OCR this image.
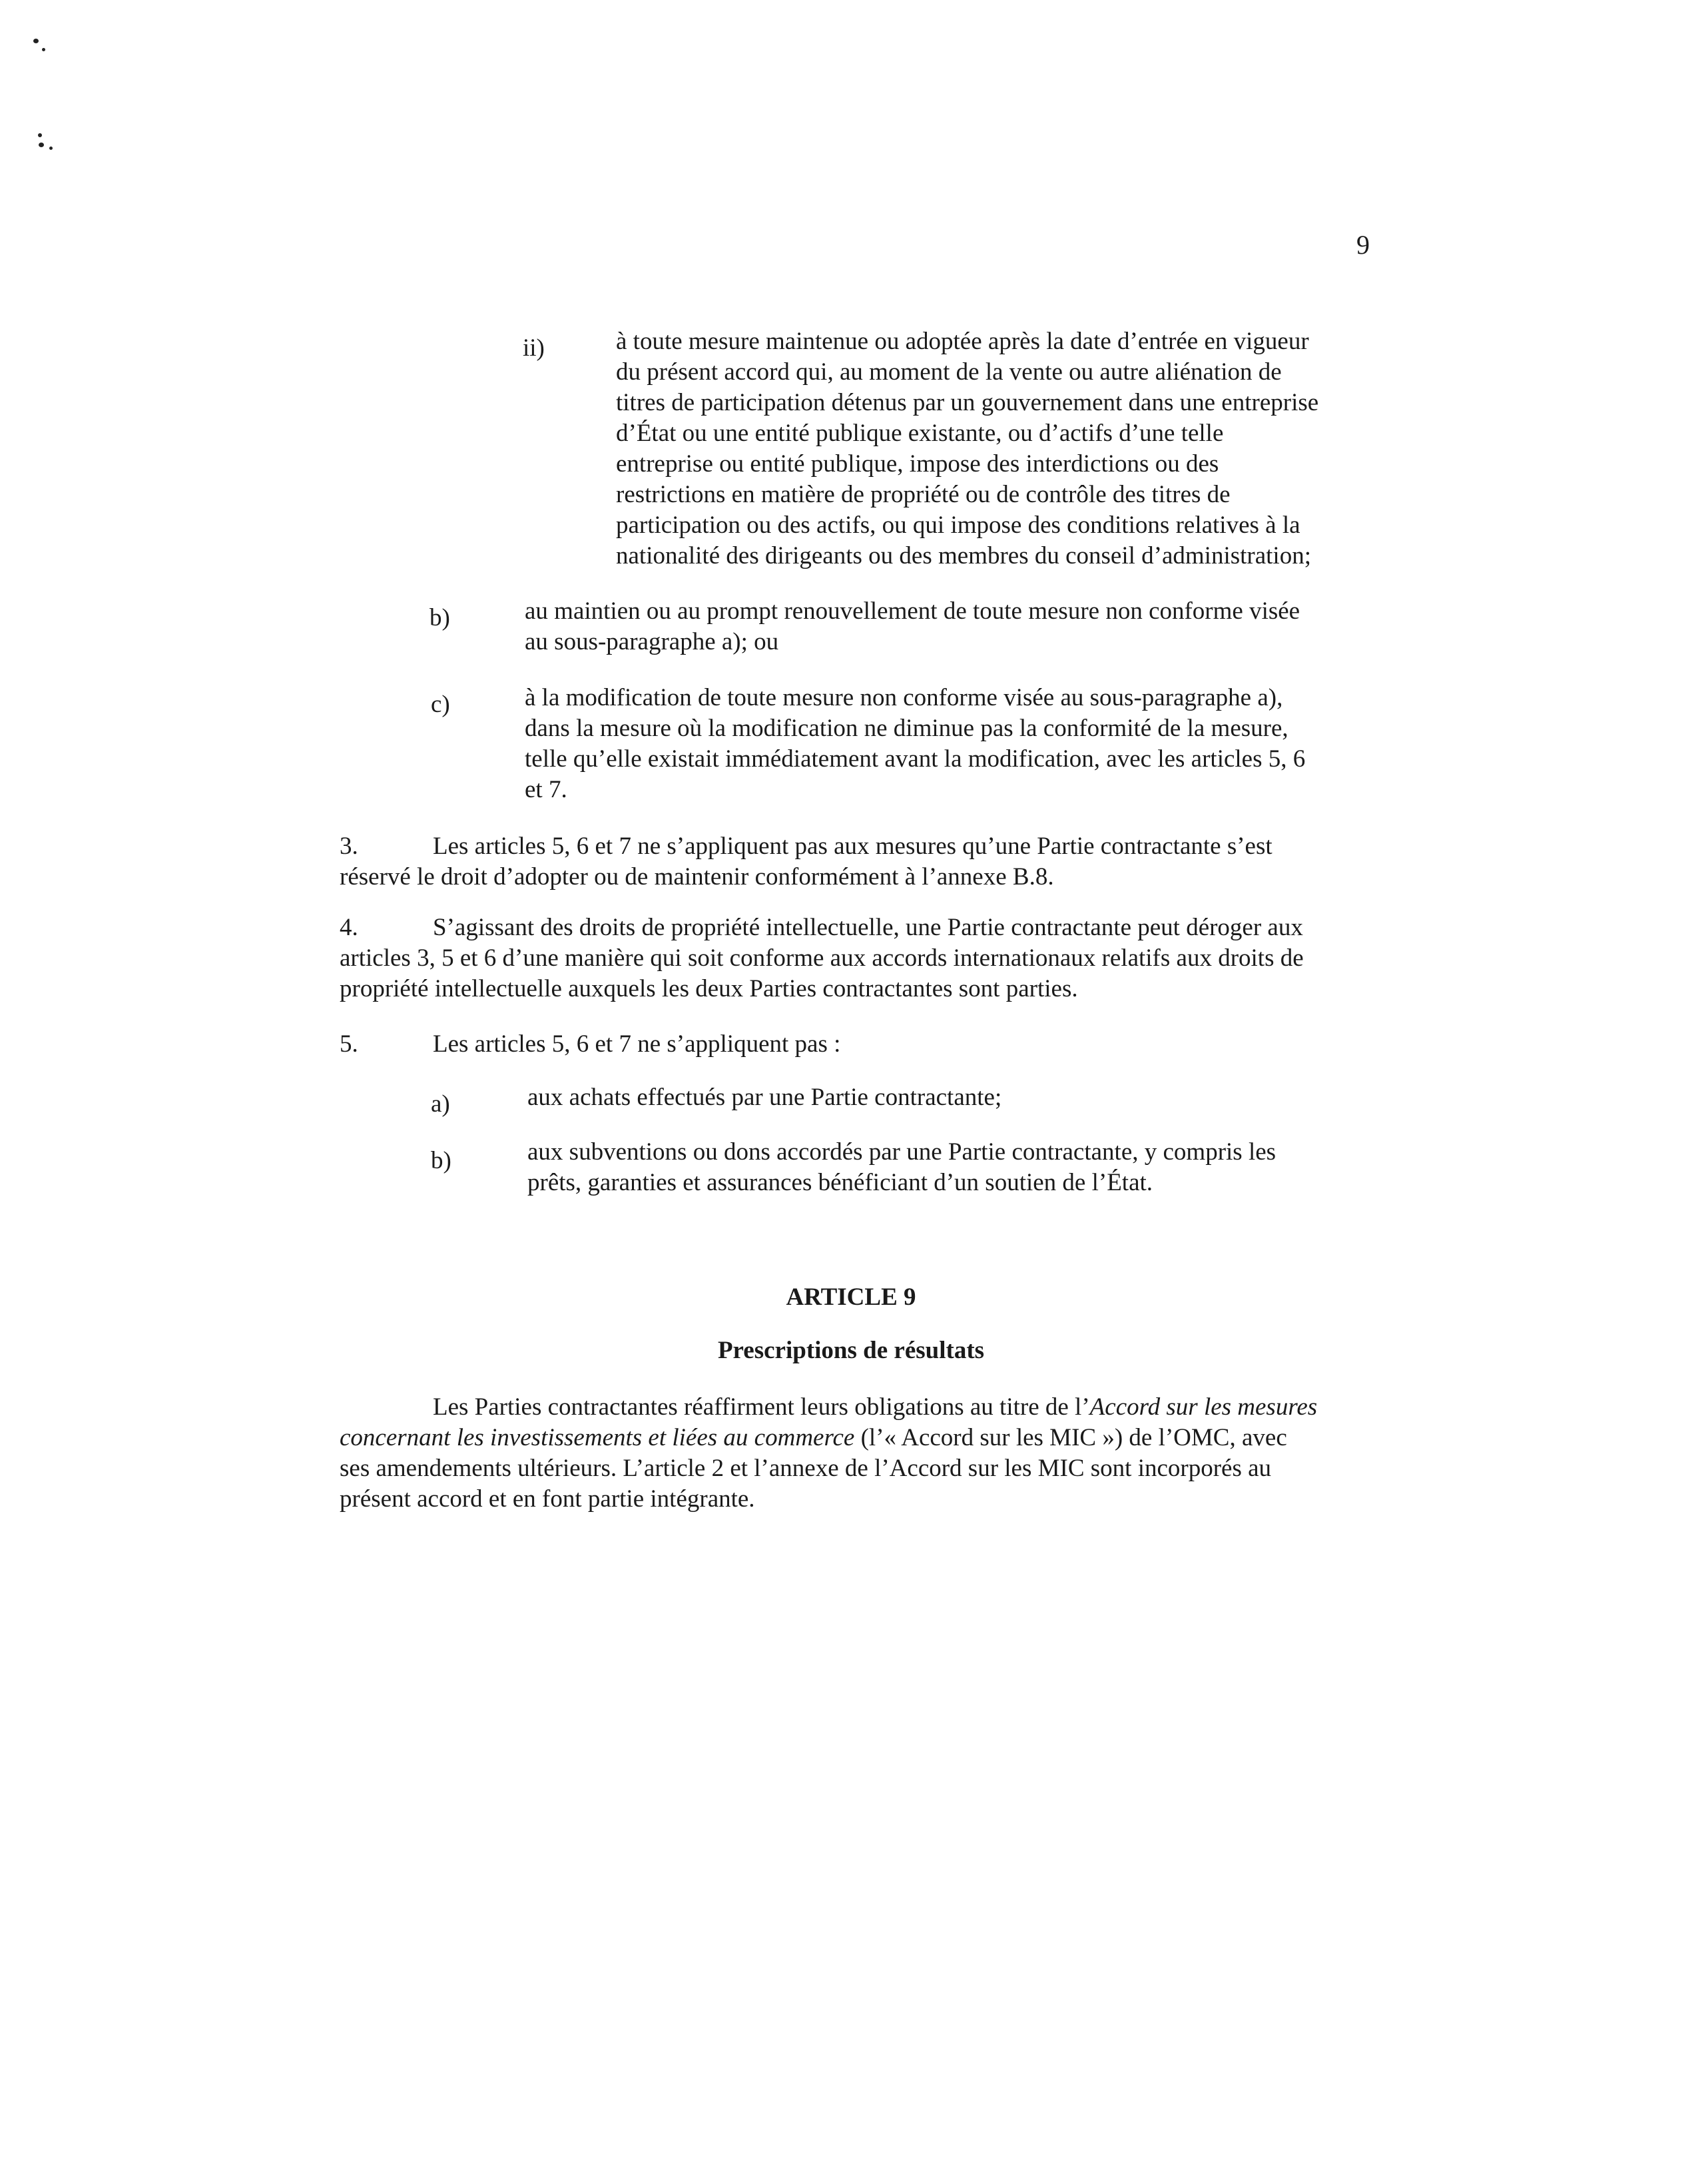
9
ii)	à toute mesure maintenue ou adoptée après la date d’entrée en vigueur
du présent accord qui, au moment de la vente ou autre aliénation de
titres de participation détenus par un gouvernement dans une entreprise
d’État ou une entité publique existante, ou d’actifs d’une telle
entreprise ou entité publique, impose des interdictions ou des
restrictions en matière de propriété ou de contrôle des titres de
participation ou des actifs, ou qui impose des conditions relatives à la
nationalité des dirigeants ou des membres du conseil d’administration;
b)	au maintien ou au prompt renouvellement de toute mesure non conforme visée
au sous-paragraphe a); ou
c)	à la modification de toute mesure non conforme visée au sous-paragraphe a),
dans la mesure où la modification ne diminue pas la conformité de la mesure,
telle qu’elle existait immédiatement avant la modification, avec les articles 5, 6
et 7.
3.	Les articles 5, 6 et 7 ne s’appliquent pas aux mesures qu’une Partie contractante s’est
réservé le droit d’adopter ou de maintenir conformément à l’annexe B.8.
4.	S’agissant des droits de propriété intellectuelle, une Partie contractante peut déroger aux
articles 3, 5 et 6 d’une manière qui soit conforme aux accords internationaux relatifs aux droits de
propriété intellectuelle auxquels les deux Parties contractantes sont parties.
5.	Les articles 5, 6 et 7 ne s’appliquent pas :
a)	aux achats effectués par une Partie contractante;
b)	aux subventions ou dons accordés par une Partie contractante, y compris les
prêts, garanties et assurances bénéficiant d’un soutien de l’État.
ARTICLE 9
Prescriptions de résultats
Les Parties contractantes réaffirment leurs obligations au titre de l’Accord sur les mesures
concernant les investissements et liées au commerce (l’« Accord sur les MIC ») de l’OMC, avec
ses amendements ultérieurs. L’article 2 et l’annexe de l’Accord sur les MIC sont incorporés au
présent accord et en font partie intégrante.
